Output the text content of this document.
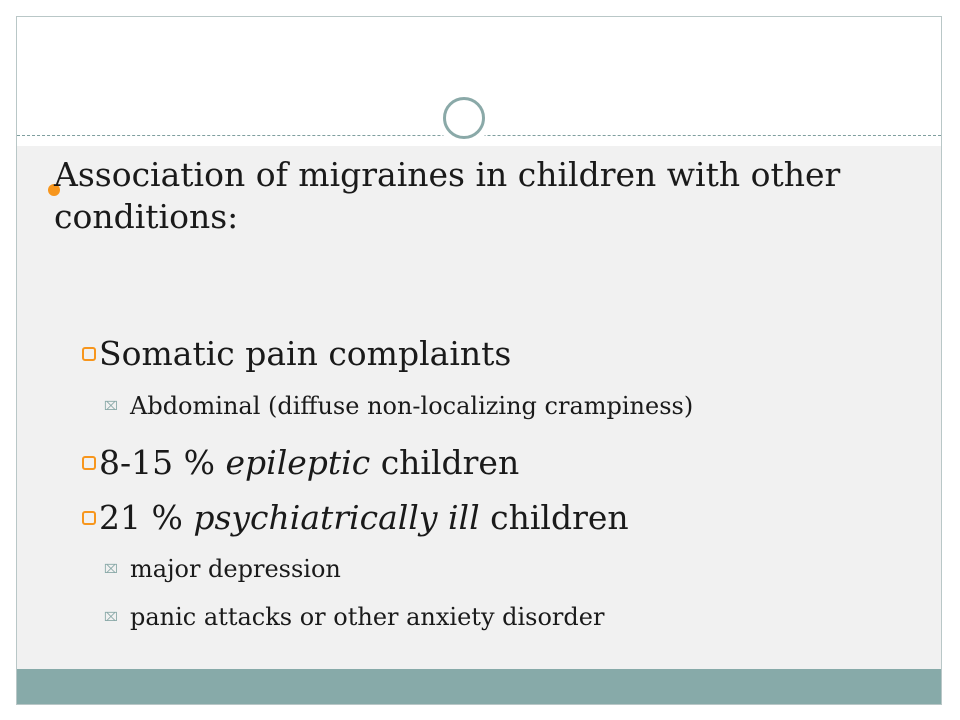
Association of migraines in children with other conditions:
Somatic pain complaints
⌧ Abdominal (diffuse non-localizing crampiness)
8-15 % epileptic children
21 % psychiatrically ill children
⌧ major depression
⌧ panic attacks or other anxiety disorder
